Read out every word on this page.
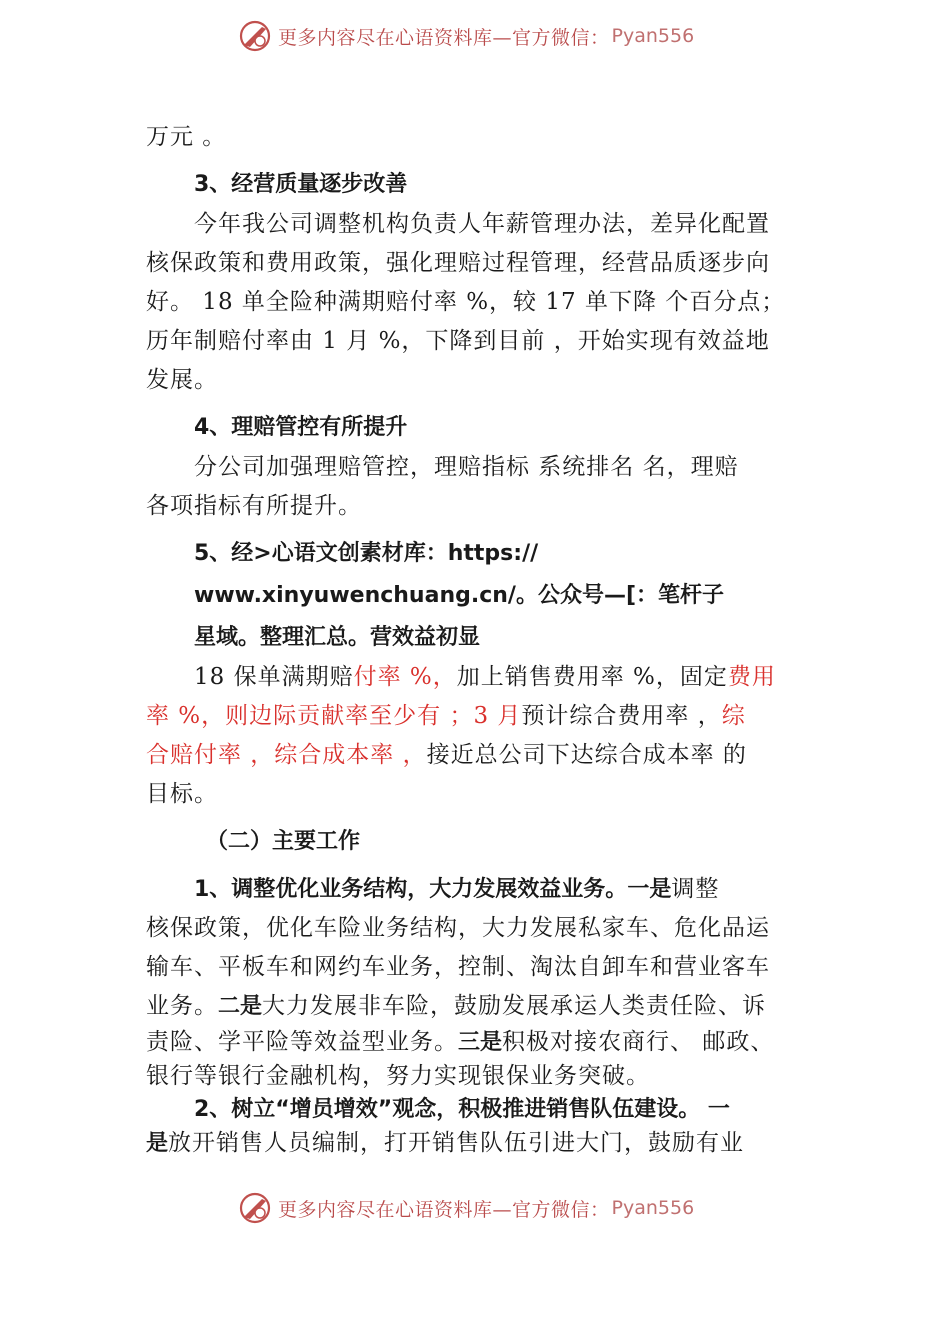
更多内容尽在心语资料库—官方微信： Pyan556
万元 。
3、经营质量逐步改善
今年我公司调整机构负责人年薪管理办法，差异化配置
核保政策和费用政策，强化理赔过程管理，经营品质逐步向
好。 18 单全险种满期赔付率 %，较 17 单下降 个百分点；
历年制赔付率由 1 月 %，下降到目前 ，开始实现有效益地
发展。
4、理赔管控有所提升
分公司加强理赔管控，理赔指标 系统排名 名，理赔
各项指标有所提升。
5、经>心语文创素材库：https://
www.xinyuwenchuang.cn/。公众号—[：笔杆子
星域。整理汇总。营效益初显
18 保单满期赔付率 %，加上销售费用率 %，固定费用
率 %，则边际贡献率至少有 ；3 月预计综合费用率 ，综
合赔付率 ，综合成本率 ，接近总公司下达综合成本率 的
目标。
（二）主要工作
1、调整优化业务结构，大力发展效益业务。一是调整
核保政策，优化车险业务结构，大力发展私家车、危化品运
输车、平板车和网约车业务，控制、淘汰自卸车和营业客车
业务。二是大力发展非车险，鼓励发展承运人类责任险、诉
责险、学平险等效益型业务。三是积极对接农商行、 邮政、
银行等银行金融机构，努力实现银保业务突破。
2、树立“增员增效”观念，积极推进销售队伍建设。 一
是放开销售人员编制，打开销售队伍引进大门，鼓励有业
更多内容尽在心语资料库—官方微信： Pyan556
